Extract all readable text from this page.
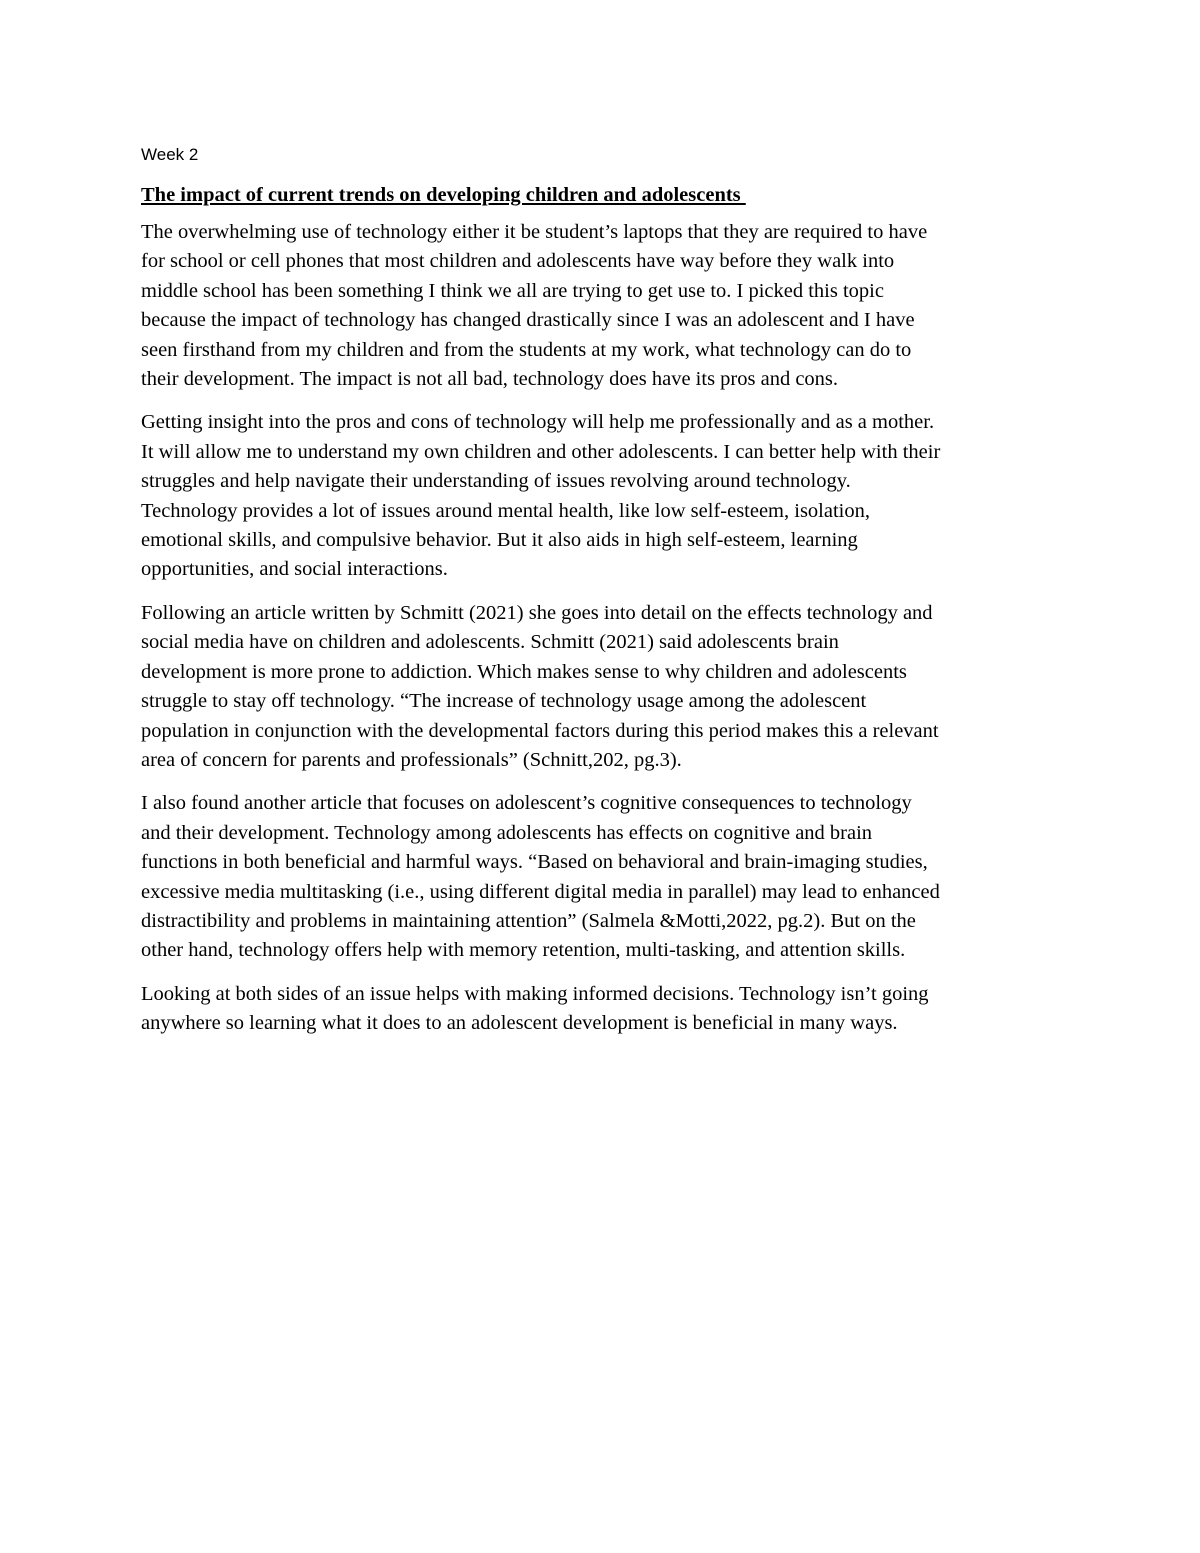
Week 2
The impact of current trends on developing children and adolescents

The overwhelming use of technology either it be student’s laptops that they are required to have
for school or cell phones that most children and adolescents have way before they walk into
middle school has been something I think we all are trying to get use to. I picked this topic
because the impact of technology has changed drastically since I was an adolescent and I have
seen firsthand from my children and from the students at my work, what technology can do to
their development. The impact is not all bad, technology does have its pros and cons.

Getting insight into the pros and cons of technology will help me professionally and as a mother.
It will allow me to understand my own children and other adolescents. I can better help with their
struggles and help navigate their understanding of issues revolving around technology.
Technology provides a lot of issues around mental health, like low self-esteem, isolation,
emotional skills, and compulsive behavior. But it also aids in high self-esteem, learning
opportunities, and social interactions.

Following an article written by Schmitt (2021) she goes into detail on the effects technology and
social media have on children and adolescents. Schmitt (2021) said adolescents brain
development is more prone to addiction. Which makes sense to why children and adolescents
struggle to stay off technology. “The increase of technology usage among the adolescent
population in conjunction with the developmental factors during this period makes this a relevant
area of concern for parents and professionals” (Schnitt,202, pg.3).

I also found another article that focuses on adolescent’s cognitive consequences to technology
and their development. Technology among adolescents has effects on cognitive and brain
functions in both beneficial and harmful ways. “Based on behavioral and brain-imaging studies,
excessive media multitasking (i.e., using different digital media in parallel) may lead to enhanced
distractibility and problems in maintaining attention” (Salmela &Motti,2022, pg.2). But on the
other hand, technology offers help with memory retention, multi-tasking, and attention skills.

Looking at both sides of an issue helps with making informed decisions. Technology isn’t going
anywhere so learning what it does to an adolescent development is beneficial in many ways.
